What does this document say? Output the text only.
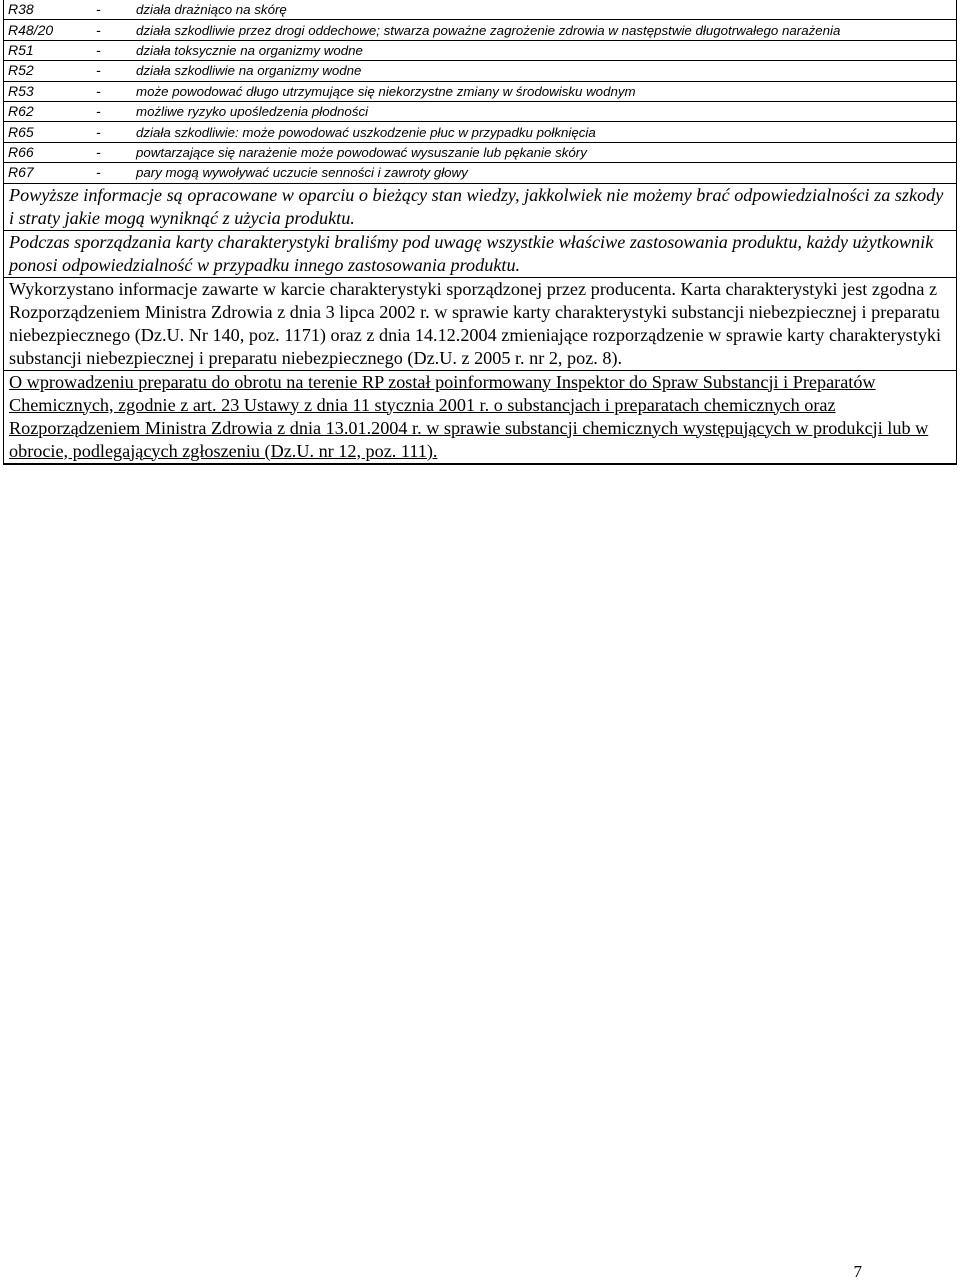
R38	-	działa drażniąco na skórę
R48/20	-	działa szkodliwie przez drogi oddechowe; stwarza poważne zagrożenie zdrowia w następstwie długotrwałego narażenia
R51	-	działa toksycznie na organizmy wodne
R52	-	działa szkodliwie na organizmy wodne
R53	-	może powodować długo utrzymujące się niekorzystne zmiany w środowisku wodnym
R62	-	możliwe ryzyko upośledzenia płodności
R65	-	działa szkodliwie: może powodować uszkodzenie płuc w przypadku połknięcia
R66	-	powtarzające się narażenie może powodować wysuszanie lub pękanie skóry
R67	-	pary mogą wywoływać uczucie senności i zawroty głowy

Powyższe informacje są opracowane w oparciu o bieżący stan wiedzy, jakkolwiek nie możemy brać odpowiedzialności za szkody i straty jakie mogą wyniknąć z użycia produktu.

Podczas sporządzania karty charakterystyki braliśmy pod uwagę wszystkie właściwe zastosowania produktu, każdy użytkownik ponosi odpowiedzialność w przypadku innego zastosowania produktu.

Wykorzystano informacje zawarte w karcie charakterystyki sporządzonej przez producenta. Karta charakterystyki jest zgodna z Rozporządzeniem Ministra Zdrowia z dnia 3 lipca 2002 r. w sprawie karty charakterystyki substancji niebezpiecznej i preparatu niebezpiecznego (Dz.U. Nr 140, poz. 1171) oraz z dnia 14.12.2004 zmieniające rozporządzenie w sprawie karty charakterystyki substancji niebezpiecznej i preparatu niebezpiecznego (Dz.U. z 2005 r. nr 2, poz. 8).

O wprowadzeniu preparatu do obrotu na terenie RP został poinformowany Inspektor do Spraw Substancji i Preparatów Chemicznych, zgodnie z art. 23 Ustawy z dnia 11 stycznia 2001 r. o substancjach i preparatach chemicznych oraz Rozporządzeniem Ministra Zdrowia z dnia 13.01.2004 r. w sprawie substancji chemicznych występujących w produkcji lub w obrocie, podlegających zgłoszeniu (Dz.U. nr 12, poz. 111).

7
